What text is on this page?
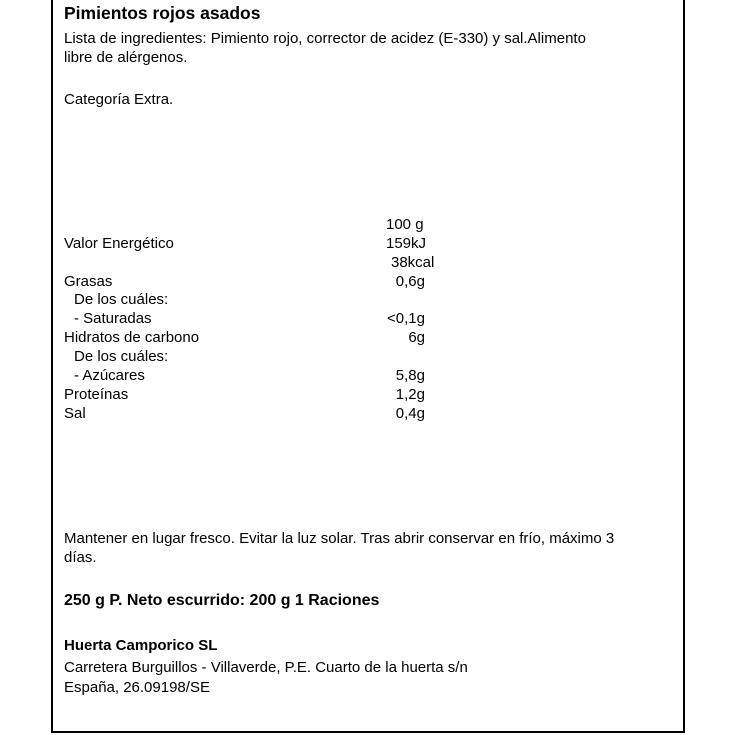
Pimientos rojos asados
Lista de ingredientes: Pimiento rojo, corrector de acidez (E-330) y sal.Alimento
libre de alérgenos.
Categoría Extra.
100 g
Valor Energético	159kJ
38kcal
Grasas	0,6g
De los cuáles:
- Saturadas	<0,1g
Hidratos de carbono	6g
De los cuáles:
- Azúcares	5,8g
Proteínas	1,2g
Sal	0,4g
Mantener en lugar fresco. Evitar la luz solar. Tras abrir conservar en frío, máximo 3
días.
250 g P. Neto escurrido: 200 g 1 Raciones
Huerta Camporico SL
Carretera Burguillos - Villaverde, P.E. Cuarto de la huerta s/n
España, 26.09198/SE
